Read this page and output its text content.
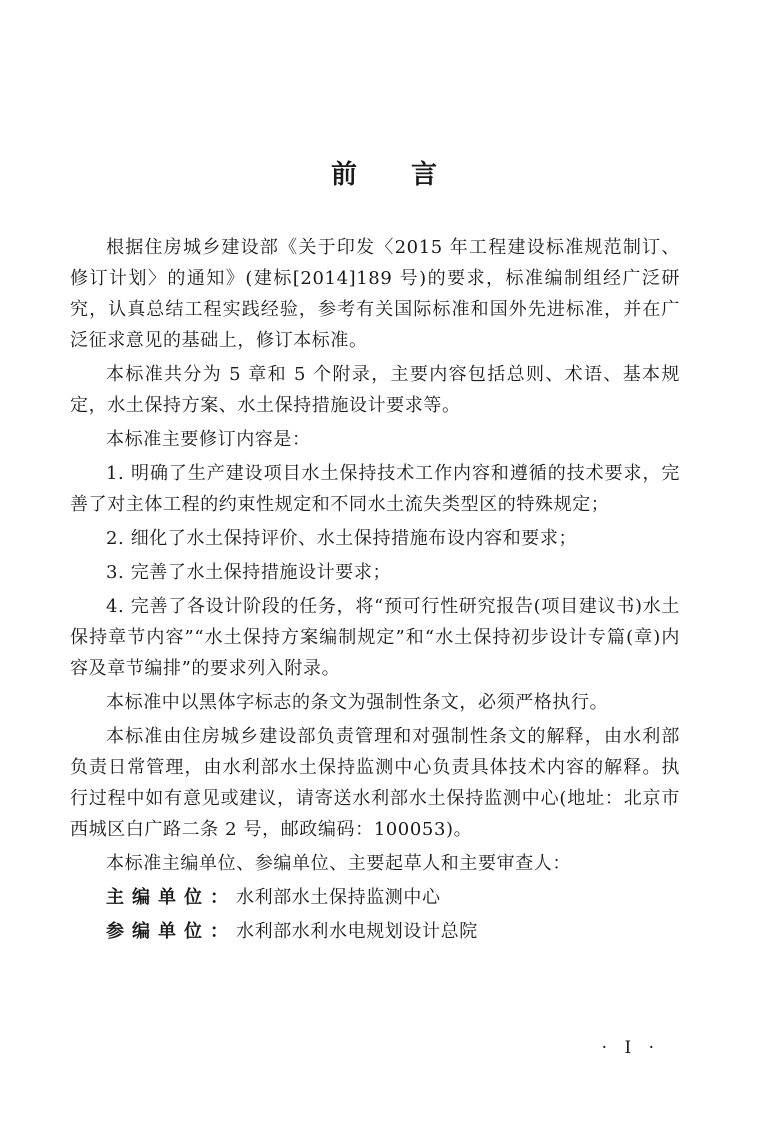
前言

根据住房城乡建设部《关于印发〈2015 年工程建设标准规范制订、修订计划〉的通知》(建标[2014]189 号)的要求，标准编制组经广泛研究，认真总结工程实践经验，参考有关国际标准和国外先进标准，并在广泛征求意见的基础上，修订本标准。

本标准共分为 5 章和 5 个附录，主要内容包括总则、术语、基本规定，水土保持方案、水土保持措施设计要求等。

本标准主要修订内容是：

1. 明确了生产建设项目水土保持技术工作内容和遵循的技术要求，完善了对主体工程的约束性规定和不同水土流失类型区的特殊规定；

2. 细化了水土保持评价、水土保持措施布设内容和要求；

3. 完善了水土保持措施设计要求；

4. 完善了各设计阶段的任务，将“预可行性研究报告(项目建议书)水土保持章节内容”“水土保持方案编制规定”和“水土保持初步设计专篇(章)内容及章节编排”的要求列入附录。

本标准中以黑体字标志的条文为强制性条文，必须严格执行。

本标准由住房城乡建设部负责管理和对强制性条文的解释，由水利部负责日常管理，由水利部水土保持监测中心负责具体技术内容的解释。执行过程中如有意见或建议，请寄送水利部水土保持监测中心(地址：北京市西城区白广路二条 2 号，邮政编码：100053)。

本标准主编单位、参编单位、主要起草人和主要审查人：

主编单位：水利部水土保持监测中心
参编单位：水利部水利水电规划设计总院
· I ·
